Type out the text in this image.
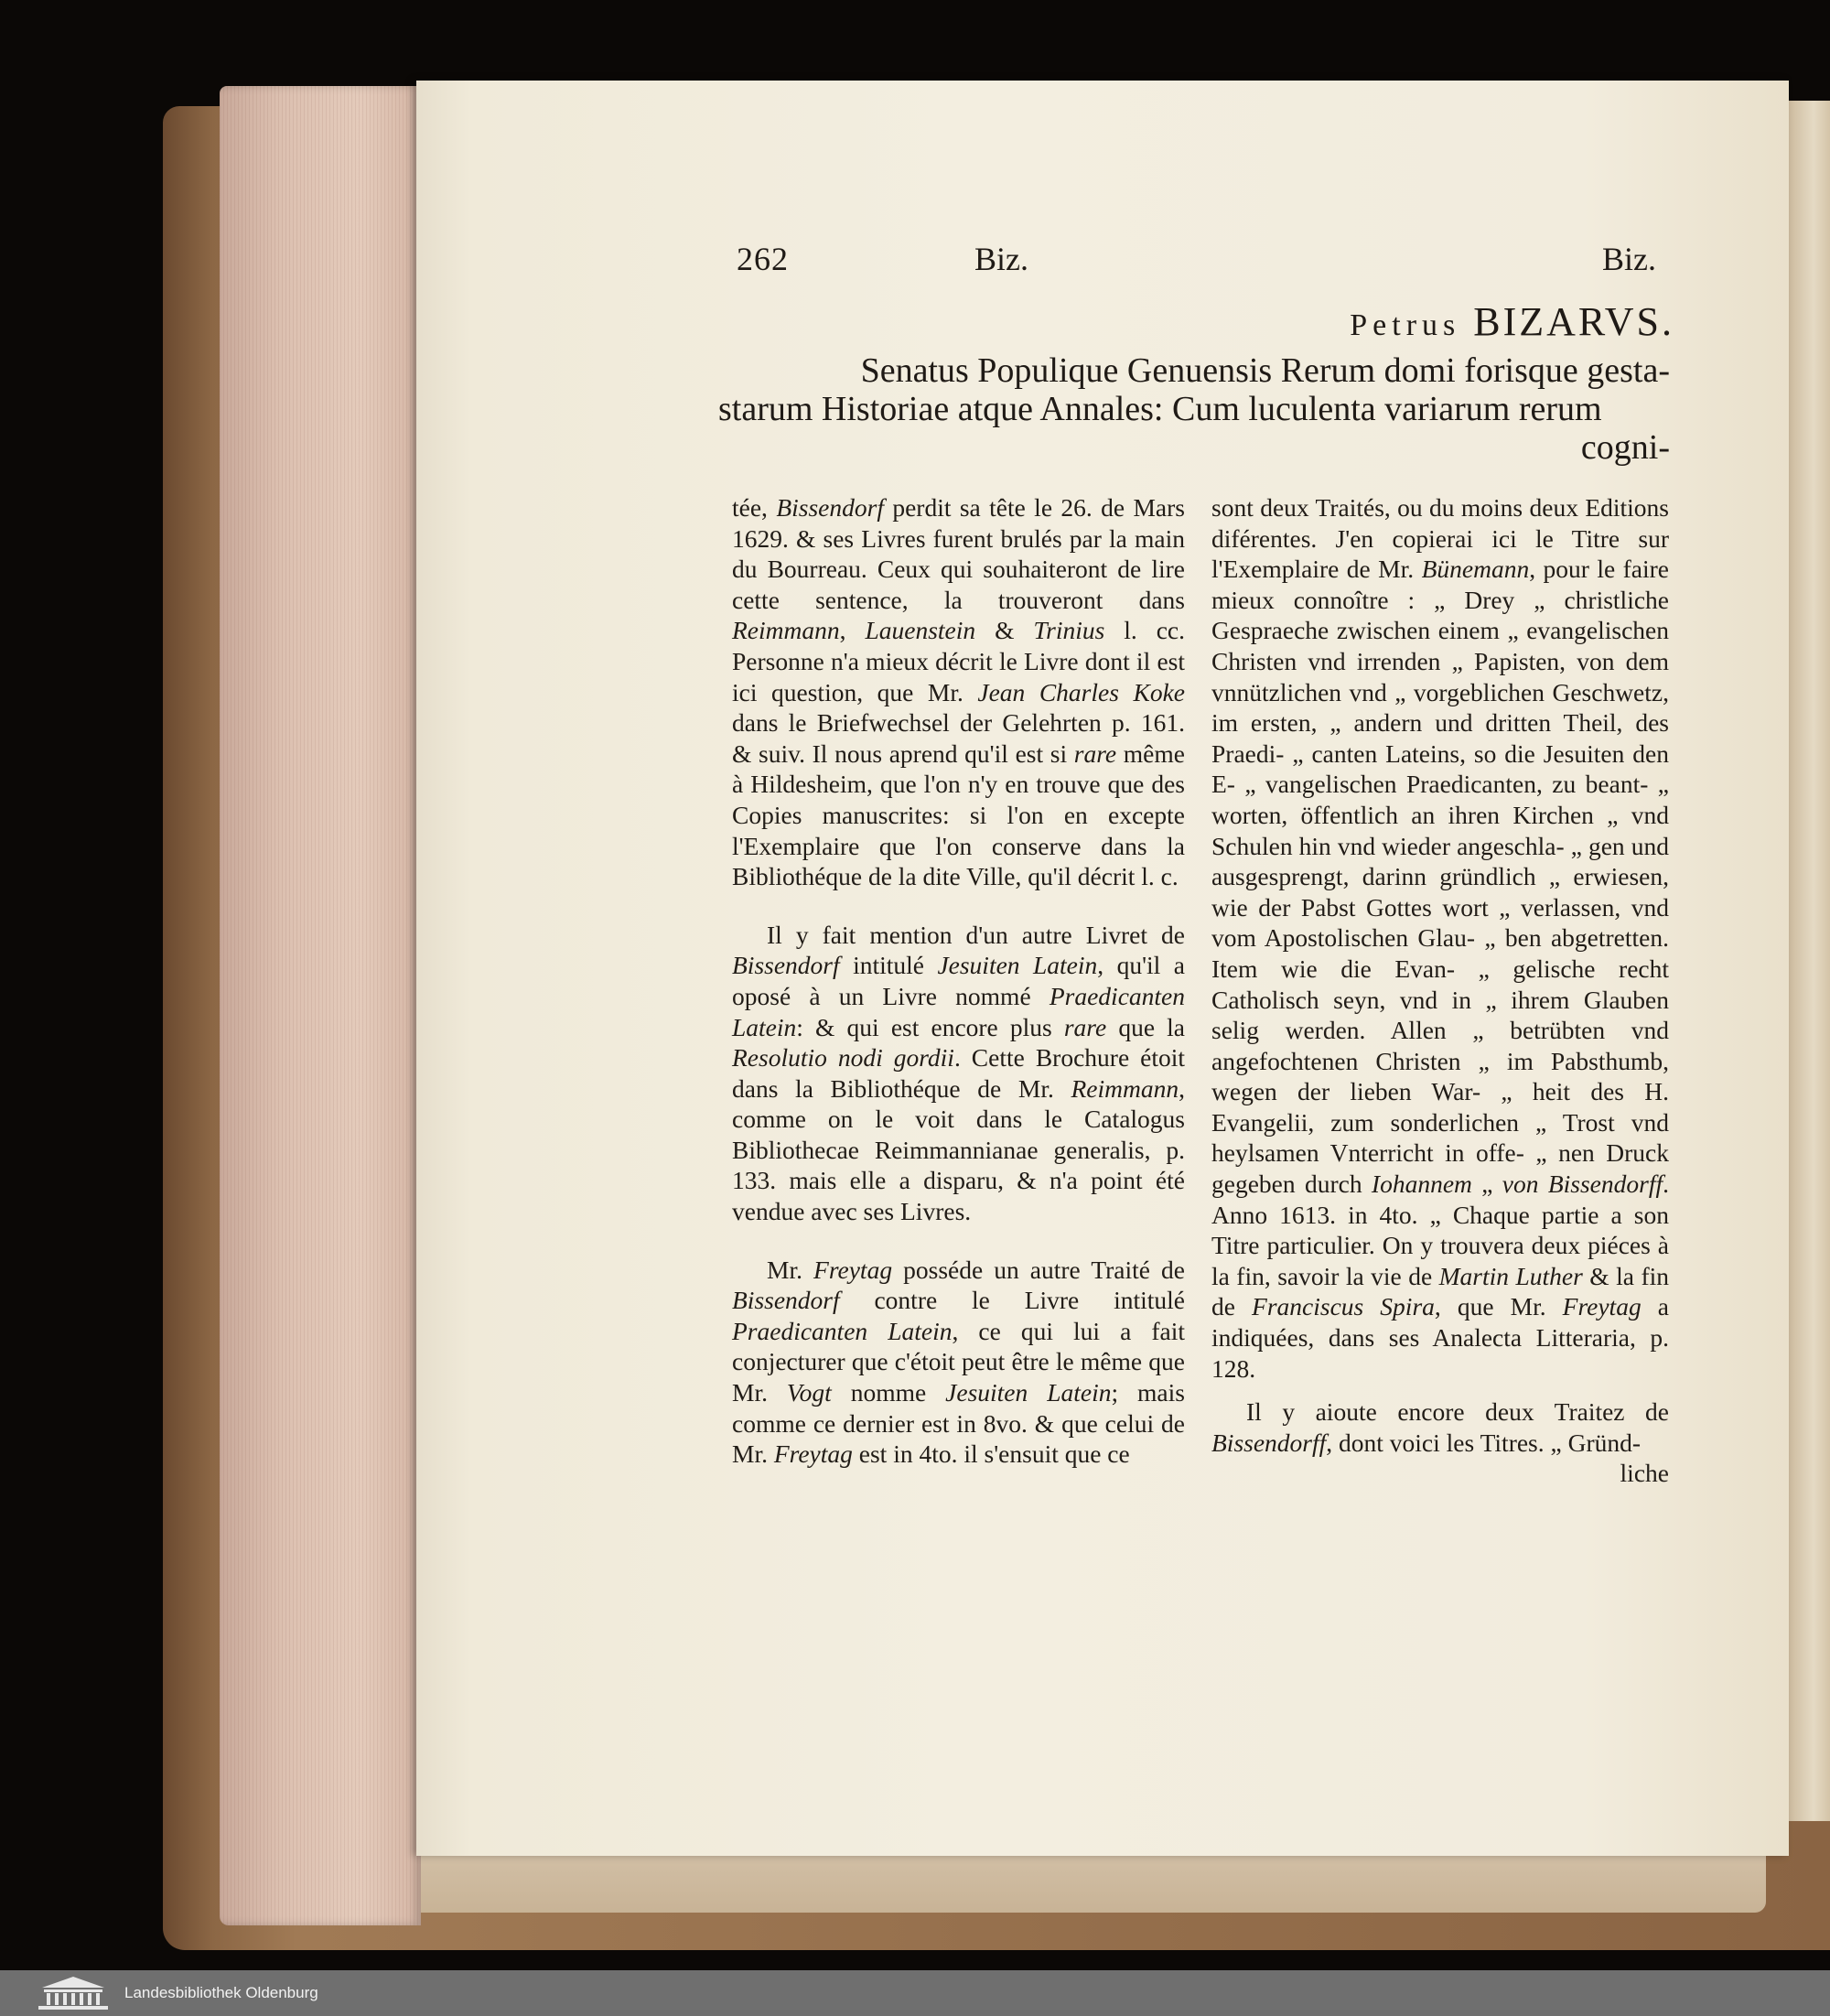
262	Biz.	Biz.
Petrus BIZARVS.
Senatus Populique Genuensis Rerum domi forisque gesta-
starum Historiae atque Annales: Cum luculenta variarum rerum
cogni-

tée, Bissendorf perdit sa tête le 26. de Mars 1629. & ses Livres furent brulés par la main du Bourreau. Ceux qui souhaiteront de lire cette sentence, la trouveront dans Reimmann, Lauenstein & Trinius l. cc. Personne n'a mieux décrit le Livre dont il est ici question, que Mr. Jean Charles Koke dans le Briefwechsel der Gelehrten p. 161. & suiv. Il nous aprend qu'il est si rare même à Hildesheim, que l'on n'y en trouve que des Copies manuscrites: si l'on en excepte l'Exemplaire que l'on conserve dans la Bibliothéque de la dite Ville, qu'il décrit l. c.

Il y fait mention d'un autre Livret de Bissendorf intitulé Jesuiten Latein, qu'il a oposé à un Livre nommé Praedicanten Latein: & qui est encore plus rare que la Resolutio nodi gordii. Cette Brochure étoit dans la Bibliothéque de Mr. Reimmann, comme on le voit dans le Catalogus Bibliothecae Reimmannianae generalis, p. 133. mais elle a disparu, & n'a point été vendue avec ses Livres.

Mr. Freytag posséde un autre Traité de Bissendorf contre le Livre intitulé Praedicanten Latein, ce qui lui a fait conjecturer que c'étoit peut être le même que Mr. Vogt nomme Jesuiten Latein; mais comme ce dernier est in 8vo. & que celui de Mr. Freytag est in 4to. il s'ensuit que ce

sont deux Traités, ou du moins deux Editions diférentes. J'en copierai ici le Titre sur l'Exemplaire de Mr. Bünemann, pour le faire mieux connoître : „ Drey „ christliche Gespraeche zwischen einem „ evangelischen Christen vnd irrenden „ Papisten, von dem vnnützlichen vnd „ vorgeblichen Geschwetz, im ersten, „ andern und dritten Theil, des Praedi- „ canten Lateins, so die Jesuiten den E- „ vangelischen Praedicanten, zu beant- „ worten, öffentlich an ihren Kirchen „ vnd Schulen hin vnd wieder angeschla- „ gen und ausgesprengt, darinn gründlich „ erwiesen, wie der Pabst Gottes wort „ verlassen, vnd vom Apostolischen Glau- „ ben abgetretten. Item wie die Evan- „ gelische recht Catholisch seyn, vnd in „ ihrem Glauben selig werden. Allen „ betrübten vnd angefochtenen Christen „ im Pabsthumb, wegen der lieben War- „ heit des H. Evangelii, zum sonderlichen „ Trost vnd heylsamen Vnterricht in offe- „ nen Druck gegeben durch Iohannem „ von Bissendorff. Anno 1613. in 4to. „ Chaque partie a son Titre particulier. On y trouvera deux piéces à la fin, savoir la vie de Martin Luther & la fin de Franciscus Spira, que Mr. Freytag a indiquées, dans ses Analecta Litteraria, p. 128.

Il y aioute encore deux Traitez de Bissendorff, dont voici les Titres. „ Gründ-

liche

Landesbibliothek Oldenburg
